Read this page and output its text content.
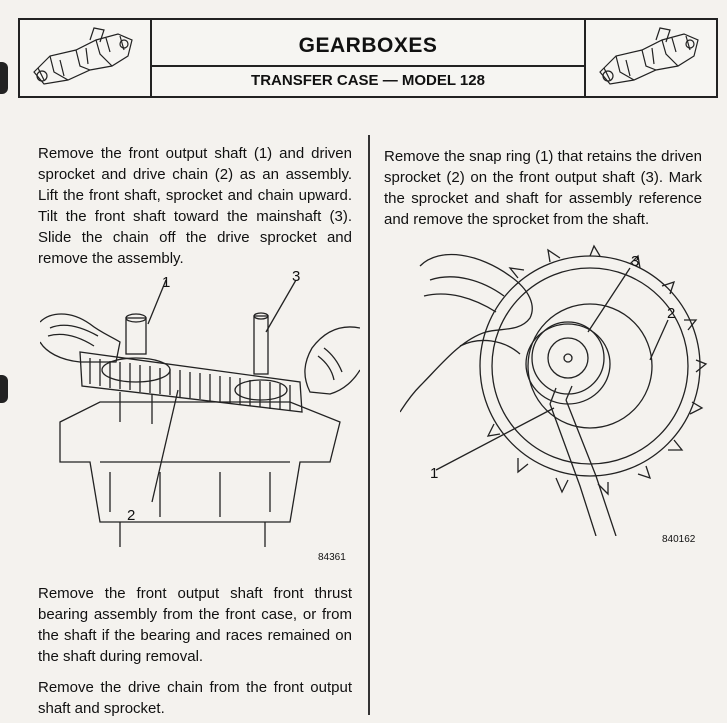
GEARBOXES
TRANSFER CASE — MODEL 128
Remove the front output shaft (1) and driven sprocket and drive chain (2) as an assembly. Lift the front shaft, sprocket and chain upward. Tilt the front shaft toward the mainshaft (3). Slide the chain off the drive sprocket and remove the assembly.
1	3
2
84361
Remove the front output shaft front thrust bearing assembly from the front case, or from the shaft if the bearing and races remained on the shaft during removal.
Remove the drive chain from the front output shaft and sprocket.
Remove the snap ring (1) that retains the driven sprocket (2) on the front output shaft (3). Mark the sprocket and shaft for assembly reference and remove the sprocket from the shaft.
3
2
1
840162
